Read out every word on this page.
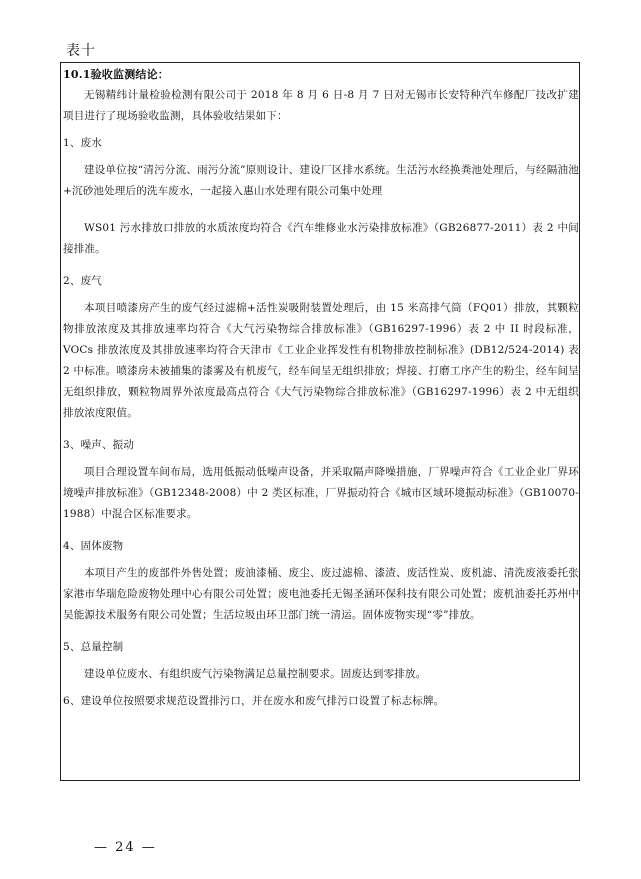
表十
10.1验收监测结论：

无锡精纬计量检验检测有限公司于 2018 年 8 月 6 日-8 月 7 日对无锡市长安特种汽车修配厂技改扩建项目进行了现场验收监测，具体验收结果如下：

1、废水

建设单位按“清污分流、雨污分流”原则设计、建设厂区排水系统。生活污水经换粪池处理后，与经隔油池+沉砂池处理后的洗车废水，一起接入惠山水处理有限公司集中处理

WS01 污水排放口排放的水质浓度均符合《汽车维修业水污染排放标准》（GB26877-2011）表 2 中间接排准。

2、废气

本项目喷漆房产生的废气经过滤棉+活性炭吸附装置处理后，由 15 米高排气筒（FQ01）排放，其颗粒物排放浓度及其排放速率均符合《大气污染物综合排放标准》（GB16297-1996）表 2 中 II 时段标准，VOCs 排放浓度及其排放速率均符合天津市《工业企业挥发性有机物排放控制标准》(DB12/524-2014) 表 2 中标准。喷漆房未被捕集的漆雾及有机废气，经车间呈无组织排放；焊接、打磨工序产生的粉尘，经车间呈无组织排放，颗粒物周界外浓度最高点符合《大气污染物综合排放标准》（GB16297-1996）表 2 中无组织排放浓度限值。

3、噪声、振动

项目合理设置车间布局，选用低振动低噪声设备，并采取隔声降噪措施，厂界噪声符合《工业企业厂界环境噪声排放标准》（GB12348-2008）中 2 类区标准，厂界振动符合《城市区域环境振动标准》（GB10070-1988）中混合区标准要求。

4、固体废物

本项目产生的废部件外售处置；废油漆桶、废尘、废过滤棉、漆渣、废活性炭、废机滤、清洗废液委托张家港市华瑞危险废物处理中心有限公司处置；废电池委托无锡圣涵环保科技有限公司处置；废机油委托苏州中吴能源技术服务有限公司处置；生活垃圾由环卫部门统一清运。固体废物实现“零”排放。

5、总量控制

建设单位废水、有组织废气污染物满足总量控制要求。固废达到零排放。

6、建设单位按照要求规范设置排污口，并在废水和废气排污口设置了标志标牌。

— 24 —
